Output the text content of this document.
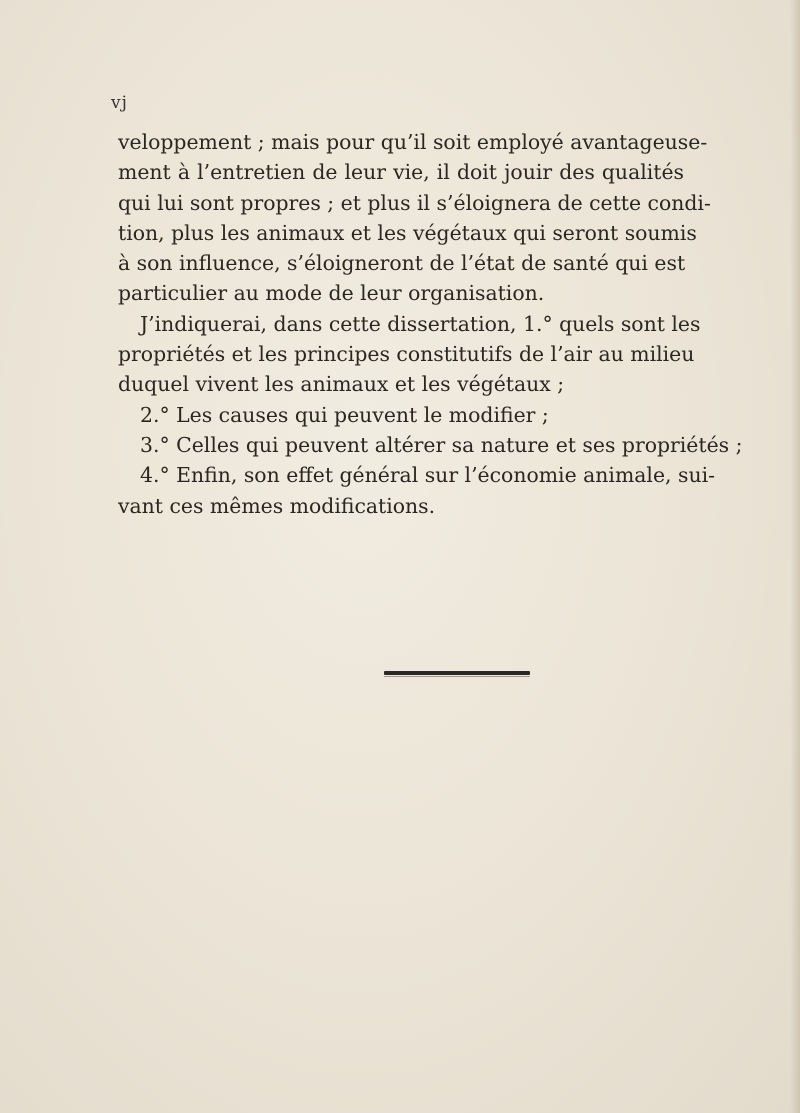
vj
veloppement ; mais pour qu’il soit employé avantageuse-
ment à l’entretien de leur vie, il doit jouir des qualités
qui lui sont propres ; et plus il s’éloignera de cette condi-
tion, plus les animaux et les végétaux qui seront soumis
à son influence, s’éloigneront de l’état de santé qui est
particulier au mode de leur organisation.
J’indiquerai, dans cette dissertation, 1.° quels sont les
propriétés et les principes constitutifs de l’air au milieu
duquel vivent les animaux et les végétaux ;
2.° Les causes qui peuvent le modifier ;
3.° Celles qui peuvent altérer sa nature et ses propriétés ;
4.° Enfin, son effet général sur l’économie animale, sui-
vant ces mêmes modifications.
